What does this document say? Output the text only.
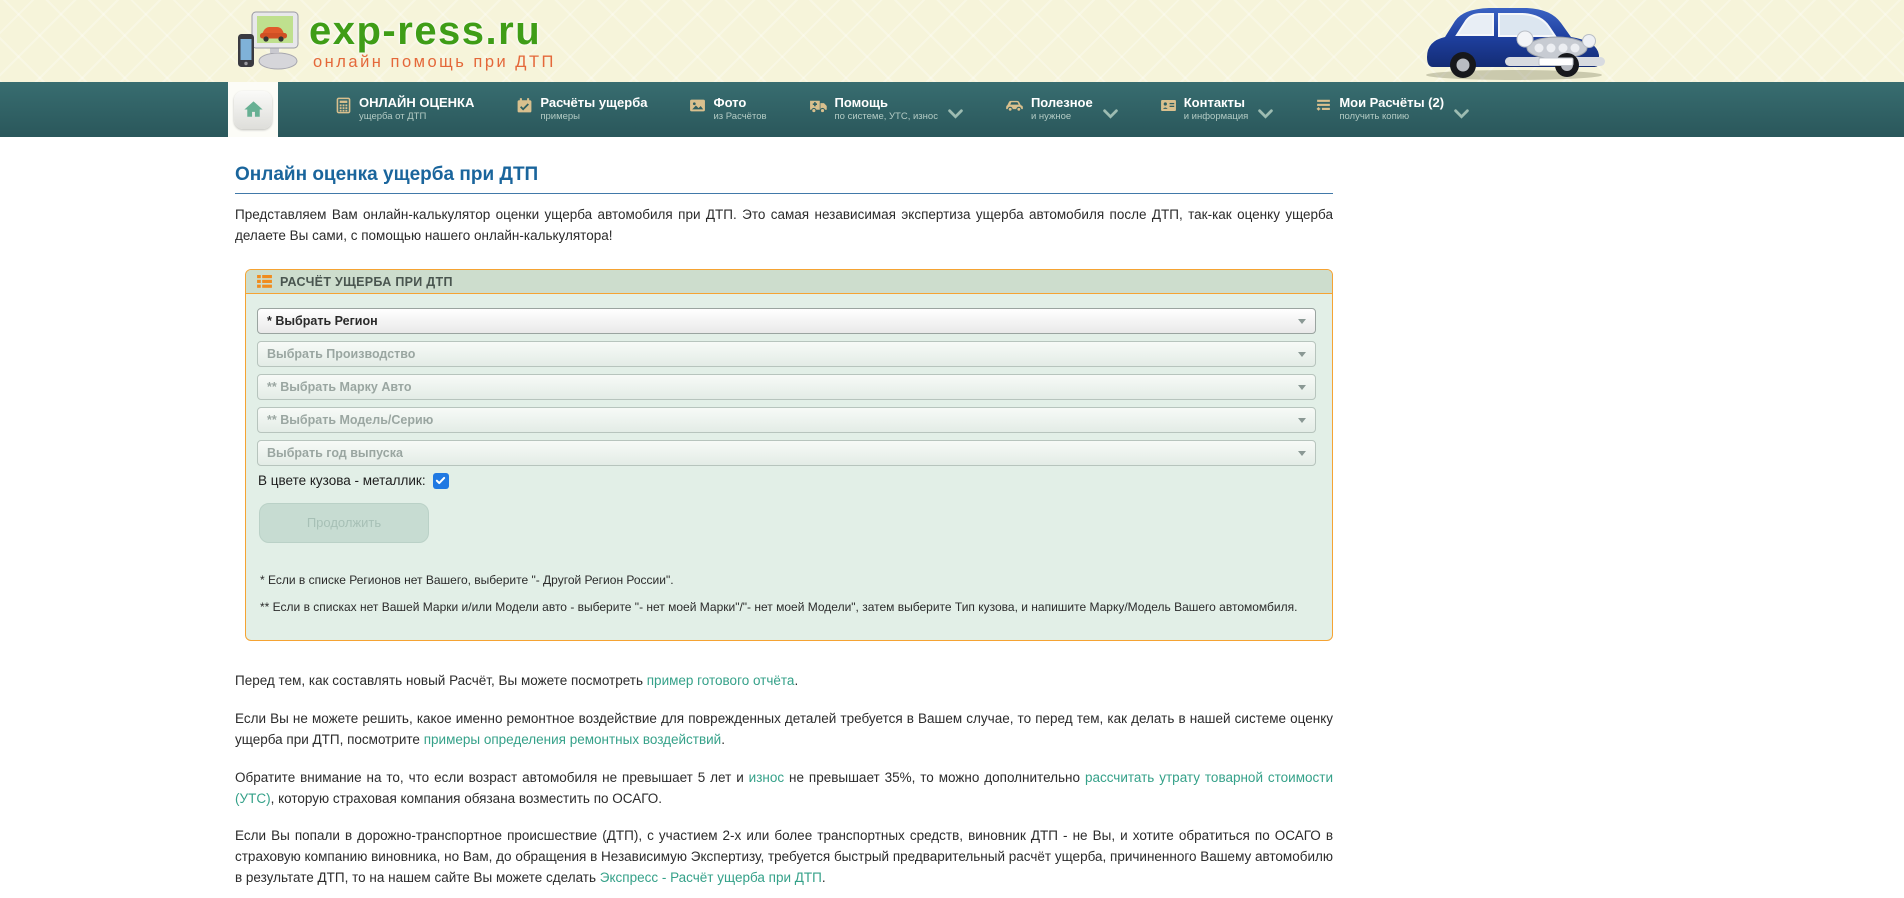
exp-ress.ru
онлайн помощь при ДТП
ОНЛАЙН ОЦЕНКА
ущерба от ДТП
Расчёты ущерба
примеры
Фото
из Расчётов
Помощь
по системе, УТС, износ
Полезное
и нужное
Контакты
и информация
Мои Расчёты (2)
получить копию
Онлайн оценка ущерба при ДТП

Представляем Вам онлайн-калькулятор оценки ущерба автомобиля при ДТП. Это самая независимая экспертиза ущерба автомобиля после ДТП, так-как оценку ущерба делаете Вы сами, с помощью нашего онлайн-калькулятора!

РАСЧЁТ УЩЕРБА ПРИ ДТП
* Выбрать Регион
Выбрать Производство
** Выбрать Марку Авто
** Выбрать Модель/Серию
Выбрать год выпуска
В цвете кузова - металлик:
Продолжить

* Если в списке Регионов нет Вашего, выберите "- Другой Регион России".

** Если в списках нет Вашей Марки и/или Модели авто - выберите "- нет моей Марки"/"- нет моей Модели", затем выберите Тип кузова, и напишите Марку/Модель Вашего автомомбиля.

Перед тем, как составлять новый Расчёт, Вы можете посмотреть пример готового отчёта.

Если Вы не можете решить, какое именно ремонтное воздействие для поврежденных деталей требуется в Вашем случае, то перед тем, как делать в нашей системе оценку ущерба при ДТП, посмотрите примеры определения ремонтных воздействий.

Обратите внимание на то, что если возраст автомобиля не превышает 5 лет и износ не превышает 35%, то можно дополнительно рассчитать утрату товарной стоимости (УТС), которую страховая компания обязана возместить по ОСАГО.

Если Вы попали в дорожно-транспортное происшествие (ДТП), с участием 2-х или более транспортных средств, виновник ДТП - не Вы, и хотите обратиться по ОСАГО в страховую компанию виновника, но Вам, до обращения в Независимую Экспертизу, требуется быстрый предварительный расчёт ущерба, причиненного Вашему автомобилю в результате ДТП, то на нашем сайте Вы можете сделать Экспресс - Расчёт ущерба при ДТП.
